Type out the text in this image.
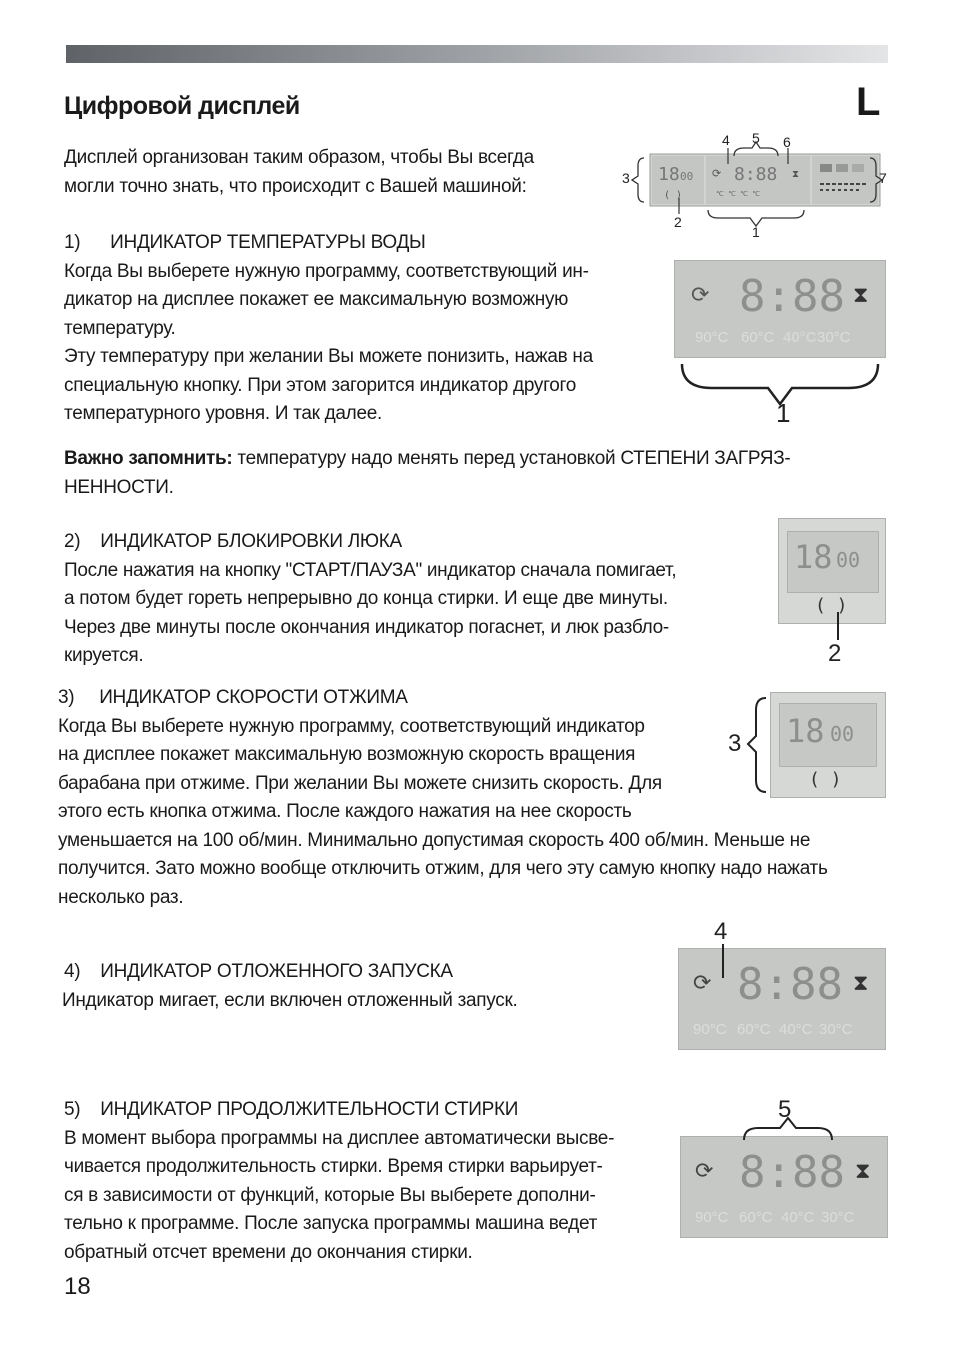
Цифровой дисплей	L

Дисплей организован таким образом, чтобы Вы всегда

могли точно знать, что происходит с Вашей машиной:

18 00
( )
8:88
⟳	⧗
℃ ℃ ℃ ℃
4 5 6
3	7
2
1

1)      ИНДИКАТОР ТЕМПЕРАТУРЫ ВОДЫ

Когда Вы выберете нужную программу, соответствующий ин-

дикатор на дисплее покажет ее максимальную возможную

температуру.

Эту температуру при желании Вы можете понизить, нажав на

специальную кнопку. При этом загорится индикатор другого

температурного уровня. И так далее.

⟳ 8:88 ⧗
90°C 60°C 40°C 30°C
1

Важно запомнить: температуру надо менять перед установкой СТЕПЕНИ ЗАГРЯЗ-

НЕННОСТИ.

2)    ИНДИКАТОР БЛОКИРОВКИ ЛЮКА

После нажатия на кнопку "СТАРТ/ПАУЗА" индикатор сначала помигает,

а потом будет гореть непрерывно до конца стирки. И еще две минуты.

Через две минуты после окончания индикатор погаснет, и люк разбло-

кируется.

18 00
( )
2

3)     ИНДИКАТОР СКОРОСТИ ОТЖИМА

Когда Вы выберете нужную программу, соответствующий индикатор

на дисплее покажет максимальную возможную скорость вращения

барабана при отжиме. При желании Вы можете снизить скорость. Для

этого есть кнопка отжима. После каждого нажатия на нее скорость

уменьшается на 100 об/мин. Минимально допустимая скорость 400 об/мин. Меньше не

получится. Зато можно вообще отключить отжим, для чего эту самую кнопку надо нажать

несколько раз.

18 00
( )
3

4)    ИНДИКАТОР ОТЛОЖЕННОГО ЗАПУСКА

Индикатор мигает, если включен отложенный запуск.

⟳ 8:88 ⧗
90°C 60°C 40°C 30°C
4

5)    ИНДИКАТОР ПРОДОЛЖИТЕЛЬНОСТИ СТИРКИ

В момент выбора программы на дисплее автоматически высве-

чивается продолжительность стирки. Время стирки варьирует-

ся в зависимости от функций, которые Вы выберете дополни-

тельно к программе. После запуска программы машина ведет

обратный отсчет времени до окончания стирки.

⟳ 8:88 ⧗
90°C 60°C 40°C 30°C
5
18
